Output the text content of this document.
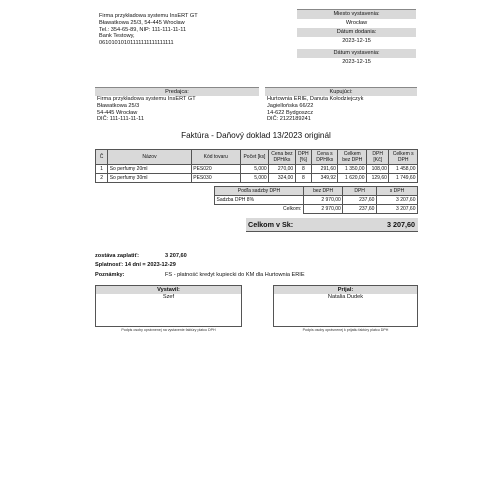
Firma przykładowa systemu InsERT GT
Bławatkowa 25/3, 54-445 Wrocław
Tel.: 354-65-89, NIP: 111-111-11-11
Bank Testowy,
06101010101111111111111111
Miesto vystavenia:
Wrocław
Dátum dodania:
2023-12-15
Dátum vystavenia:
2023-12-15
Predajca:
Firma przykładowa systemu InsERT GT
Bławatkowa 25/3
54-445 Wrocław
DIČ: 111-111-11-11
Kupujúci:
Hurtownia ERIE, Danuta Kołodziejczyk
Jagiellońska 66/22
14-622 Bydgoszcz
DIČ: 2122189241
Faktúra - Daňový doklad 13/2023 originál
Č	Názov	Kód tovaru	Počet [ks]	Cena bez DPH/ks	DPH [%]	Cena s DPH/ks	Celkem bez DPH	DPH [Kč]	Celkem s DPH
1	So perfumy 20ml	PES020	5,000	270,00	8	291,60	1 350,00	108,00	1 458,00
2	So perfumy 30ml	PES030	5,000	324,00	8	349,92	1 620,00	129,60	1 749,60
Podľa sadzby DPH	bez DPH	DPH	s DPH
Sadzba DPH 8%	2 970,00	237,60	3 207,60
Celkom:	2 970,00	237,60	3 207,60
Celkom v Sk:	3 207,60
zostáva zaplatiť:	3 207,60
Splatnosť: 14 dní = 2023-12-29
Poznámky:	FS - płatność kredyt kupiecki do KM dla Hurtownia ERIE
Vystavil:
Szef
Podpis osoby oprávnenej na vystavenie faktúry platcu DPH
Prijal:
Natalia Dudek
Podpis osoby oprávnenej k prijatiu faktúry platcu DPH
